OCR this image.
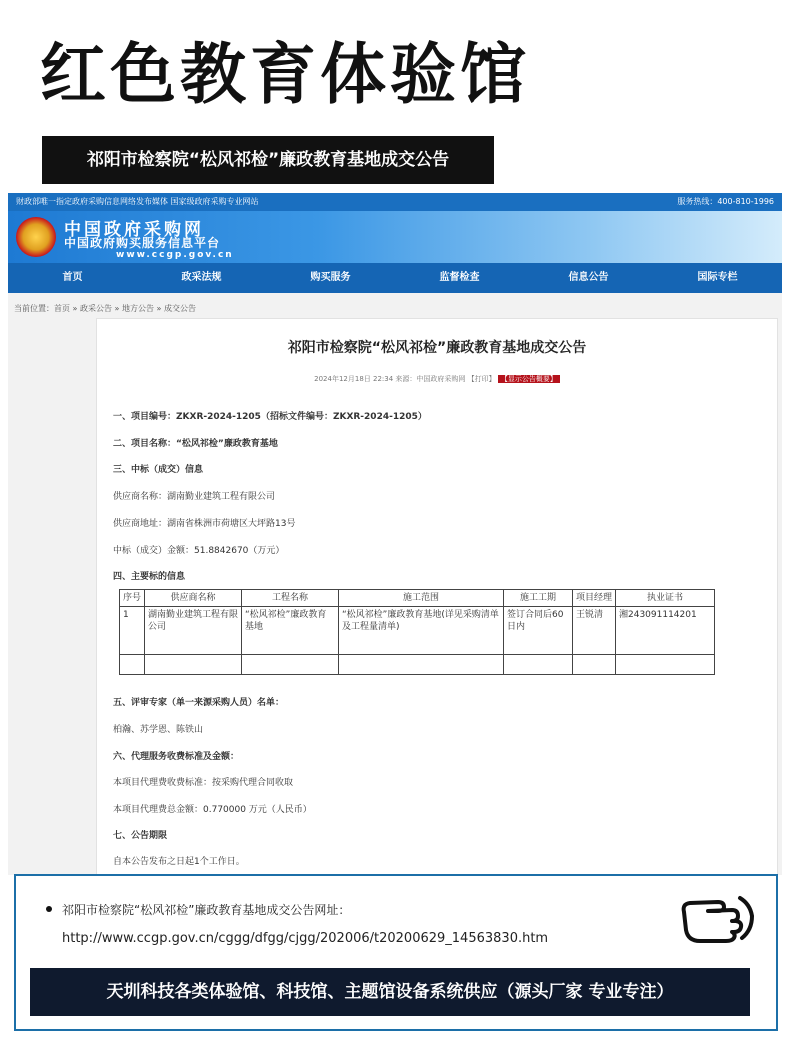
红色教育体验馆
祁阳市检察院“松风祁检”廉政教育基地成交公告
财政部唯一指定政府采购信息网络发布媒体 国家级政府采购专业网站	服务热线：400-810-1996
中国政府采购网
中国政府购买服务信息平台
www.ccgp.gov.cn
首页	政采法规	购买服务	监督检查	信息公告	国际专栏
当前位置：首页 » 政采公告 » 地方公告 » 成交公告
祁阳市检察院“松风祁检”廉政教育基地成交公告
2024年12月18日 22:34 来源：中国政府采购网 【打印】 【显示公告概要】
一、项目编号：ZKXR-2024-1205（招标文件编号：ZKXR-2024-1205）
二、项目名称：“松风祁检”廉政教育基地
三、中标（成交）信息
供应商名称：湖南勤业建筑工程有限公司
供应商地址：湖南省株洲市荷塘区大坪路13号
中标（成交）金额：51.8842670（万元）
四、主要标的信息
序号	供应商名称	工程名称	施工范围	施工工期	项目经理	执业证书
1	湖南勤业建筑工程有限公司	“松风祁检”廉政教育基地	“松风祁检”廉政教育基地(详见采购清单及工程量清单)	签订合同后60日内	王锐清	湘243091114201

五、评审专家（单一来源采购人员）名单：
柏瀚、苏学恩、陈铁山
六、代理服务收费标准及金额：
本项目代理费收费标准：按采购代理合同收取
本项目代理费总金额：0.770000 万元（人民币）
七、公告期限
自本公告发布之日起1个工作日。
祁阳市检察院“松风祁检”廉政教育基地成交公告网址：
http://www.ccgp.gov.cn/cggg/dfgg/cjgg/202006/t20200629_14563830.htm
天圳科技各类体验馆、科技馆、主题馆设备系统供应（源头厂家 专业专注）
